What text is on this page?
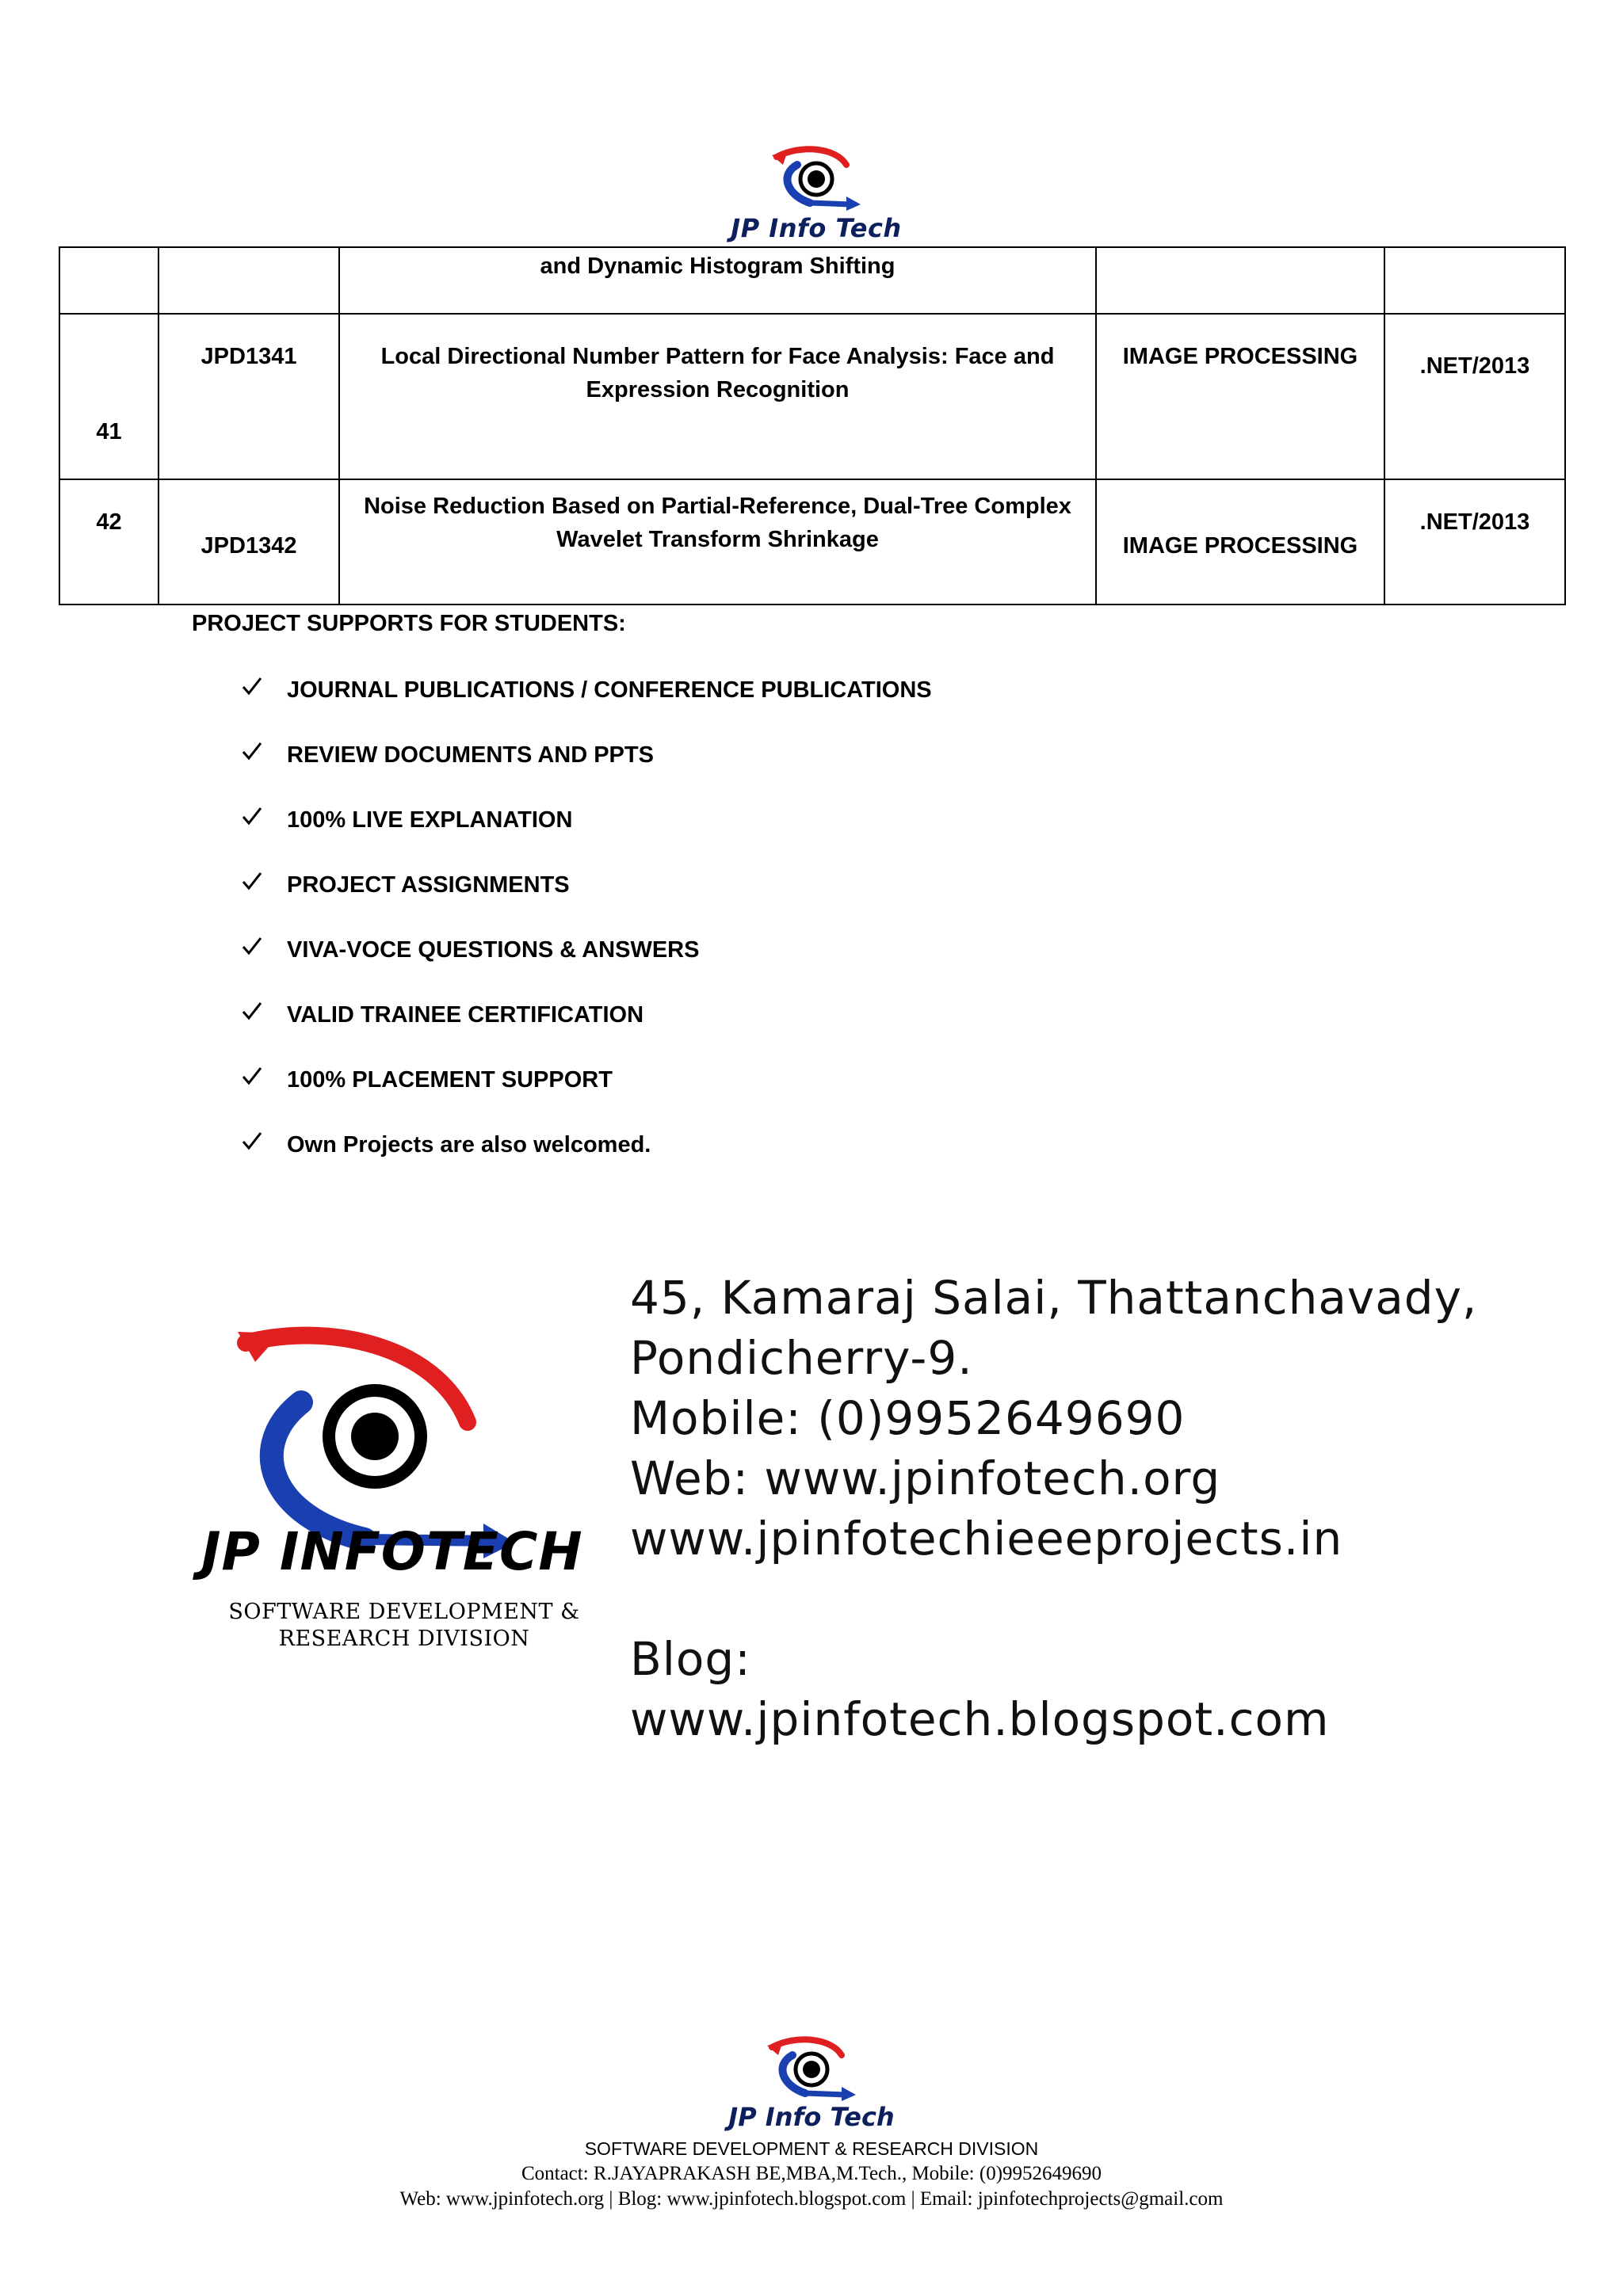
JP Info Tech
		and Dynamic Histogram Shifting		
41	JPD1341	Local Directional Number Pattern for Face Analysis: Face and Expression Recognition	IMAGE PROCESSING	.NET/2013
42	JPD1342	Noise Reduction Based on Partial-Reference, Dual-Tree Complex Wavelet Transform Shrinkage	IMAGE PROCESSING	.NET/2013
PROJECT SUPPORTS FOR STUDENTS:
JOURNAL PUBLICATIONS / CONFERENCE PUBLICATIONS
REVIEW DOCUMENTS AND PPTS
100% LIVE EXPLANATION
PROJECT ASSIGNMENTS
VIVA-VOCE QUESTIONS & ANSWERS
VALID TRAINEE CERTIFICATION
100% PLACEMENT SUPPORT
Own Projects are also welcomed.
JP INFOTECH
SOFTWARE DEVELOPMENT &
RESEARCH DIVISION
45, Kamaraj Salai, Thattanchavady,
Pondicherry-9.
Mobile: (0)9952649690
Web: www.jpinfotech.org
www.jpinfotechieeeprojects.in
Blog:
www.jpinfotech.blogspot.com
JP Info Tech
SOFTWARE DEVELOPMENT & RESEARCH DIVISION
Contact: R.JAYAPRAKASH BE,MBA,M.Tech., Mobile: (0)9952649690
Web: www.jpinfotech.org | Blog: www.jpinfotech.blogspot.com | Email: jpinfotechprojects@gmail.com
